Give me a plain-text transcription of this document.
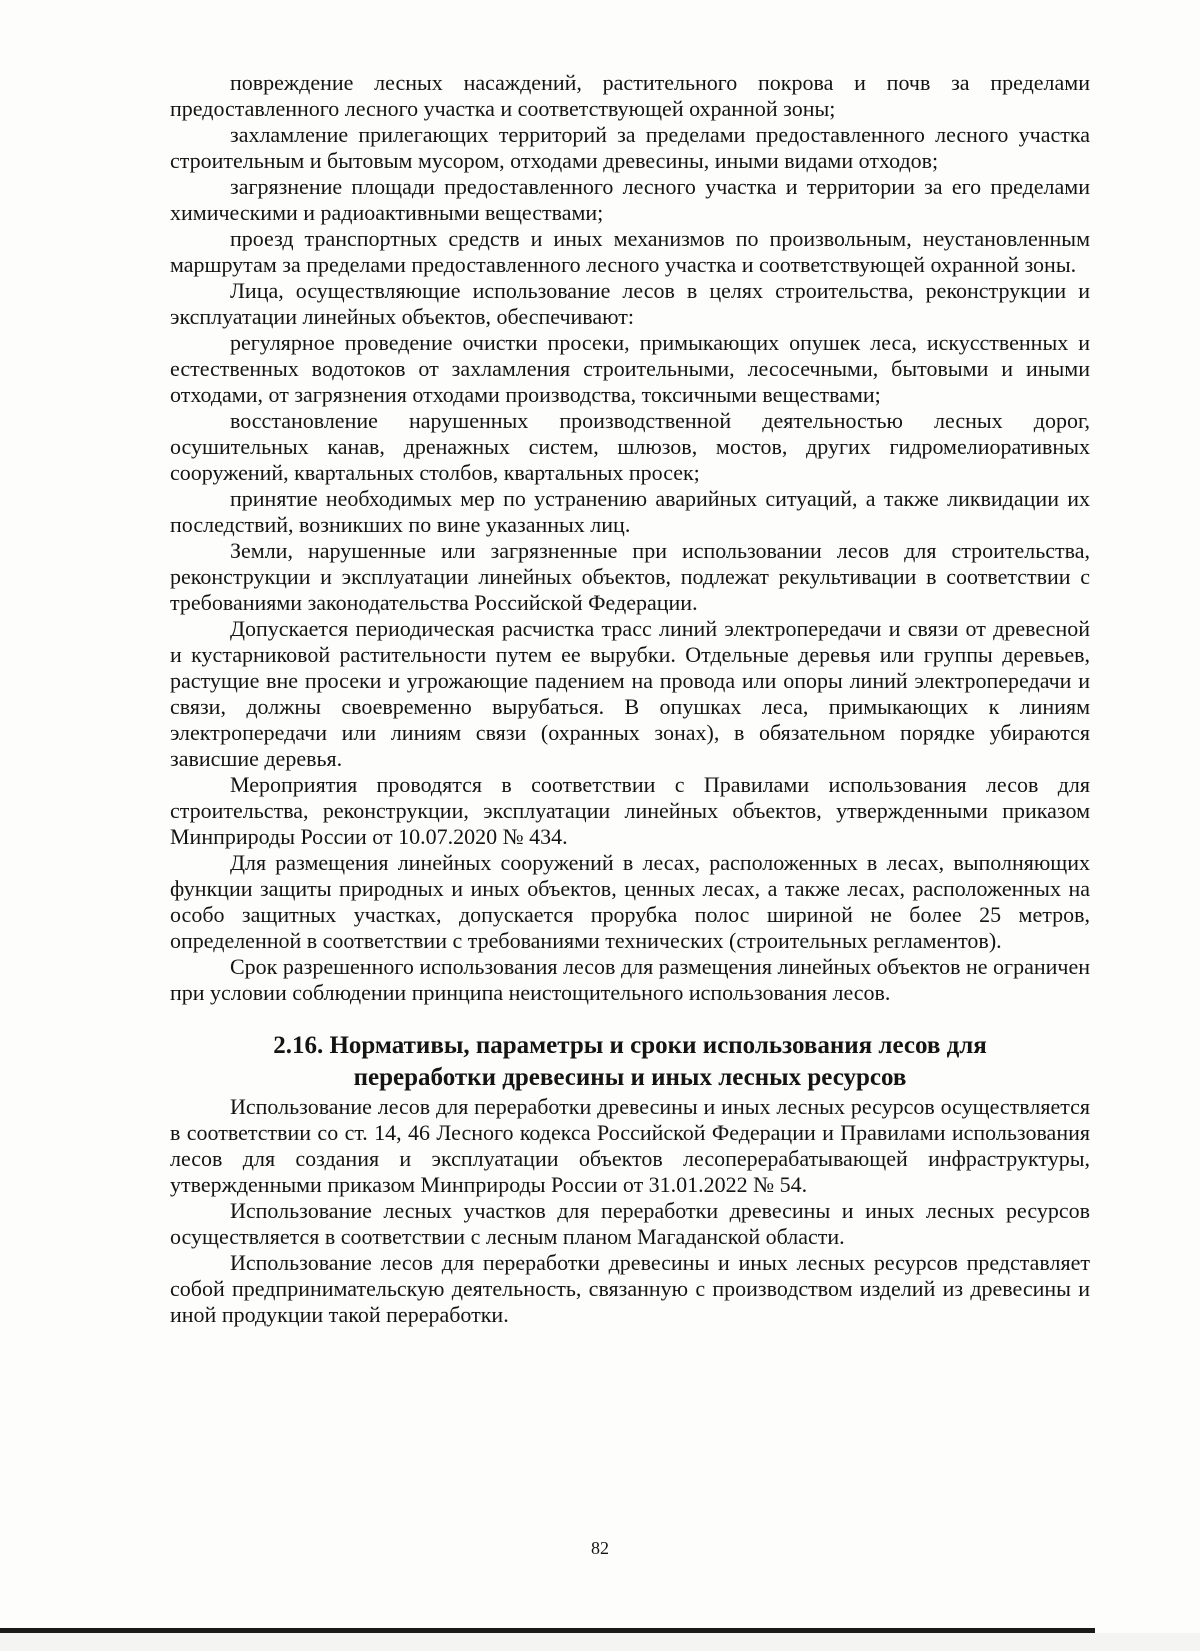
повреждение лесных насаждений, растительного покрова и почв за пределами предоставленного лесного участка и соответствующей охранной зоны;

захламление прилегающих территорий за пределами предоставленного лесного участка строительным и бытовым мусором, отходами древесины, иными видами отходов;

загрязнение площади предоставленного лесного участка и территории за его пределами химическими и радиоактивными веществами;

проезд транспортных средств и иных механизмов по произвольным, неустановленным маршрутам за пределами предоставленного лесного участка и соответствующей охранной зоны.

Лица, осуществляющие использование лесов в целях строительства, реконструкции и эксплуатации линейных объектов, обеспечивают:

регулярное проведение очистки просеки, примыкающих опушек леса, искусственных и естественных водотоков от захламления строительными, лесосечными, бытовыми и иными отходами, от загрязнения отходами производства, токсичными веществами;

восстановление нарушенных производственной деятельностью лесных дорог, осушительных канав, дренажных систем, шлюзов, мостов, других гидромелиоративных сооружений, квартальных столбов, квартальных просек;

принятие необходимых мер по устранению аварийных ситуаций, а также ликвидации их последствий, возникших по вине указанных лиц.

Земли, нарушенные или загрязненные при использовании лесов для строительства, реконструкции и эксплуатации линейных объектов, подлежат рекультивации в соответствии с требованиями законодательства Российской Федерации.

Допускается периодическая расчистка трасс линий электропередачи и связи от древесной и кустарниковой растительности путем ее вырубки. Отдельные деревья или группы деревьев, растущие вне просеки и угрожающие падением на провода или опоры линий электропередачи и связи, должны своевременно вырубаться. В опушках леса, примыкающих к линиям электропередачи или линиям связи (охранных зонах), в обязательном порядке убираются зависшие деревья.

Мероприятия проводятся в соответствии с Правилами использования лесов для строительства, реконструкции, эксплуатации линейных объектов, утвержденными приказом Минприроды России от 10.07.2020 № 434.

Для размещения линейных сооружений в лесах, расположенных в лесах, выполняющих функции защиты природных и иных объектов, ценных лесах, а также лесах, расположенных на особо защитных участках, допускается прорубка полос шириной не более 25 метров, определенной в соответствии с требованиями технических (строительных регламентов).

Срок разрешенного использования лесов для размещения линейных объектов не ограничен при условии соблюдении принципа неистощительного использования лесов.

2.16. Нормативы, параметры и сроки использования лесов для
переработки древесины и иных лесных ресурсов

Использование лесов для переработки древесины и иных лесных ресурсов осуществляется в соответствии со ст. 14, 46 Лесного кодекса Российской Федерации и Правилами использования лесов для создания и эксплуатации объектов лесоперерабатывающей инфраструктуры, утвержденными приказом Минприроды России от 31.01.2022 № 54.

Использование лесных участков для переработки древесины и иных лесных ресурсов осуществляется в соответствии с лесным планом Магаданской области.

Использование лесов для переработки древесины и иных лесных ресурсов представляет собой предпринимательскую деятельность, связанную с производством изделий из древесины и иной продукции такой переработки.

82
